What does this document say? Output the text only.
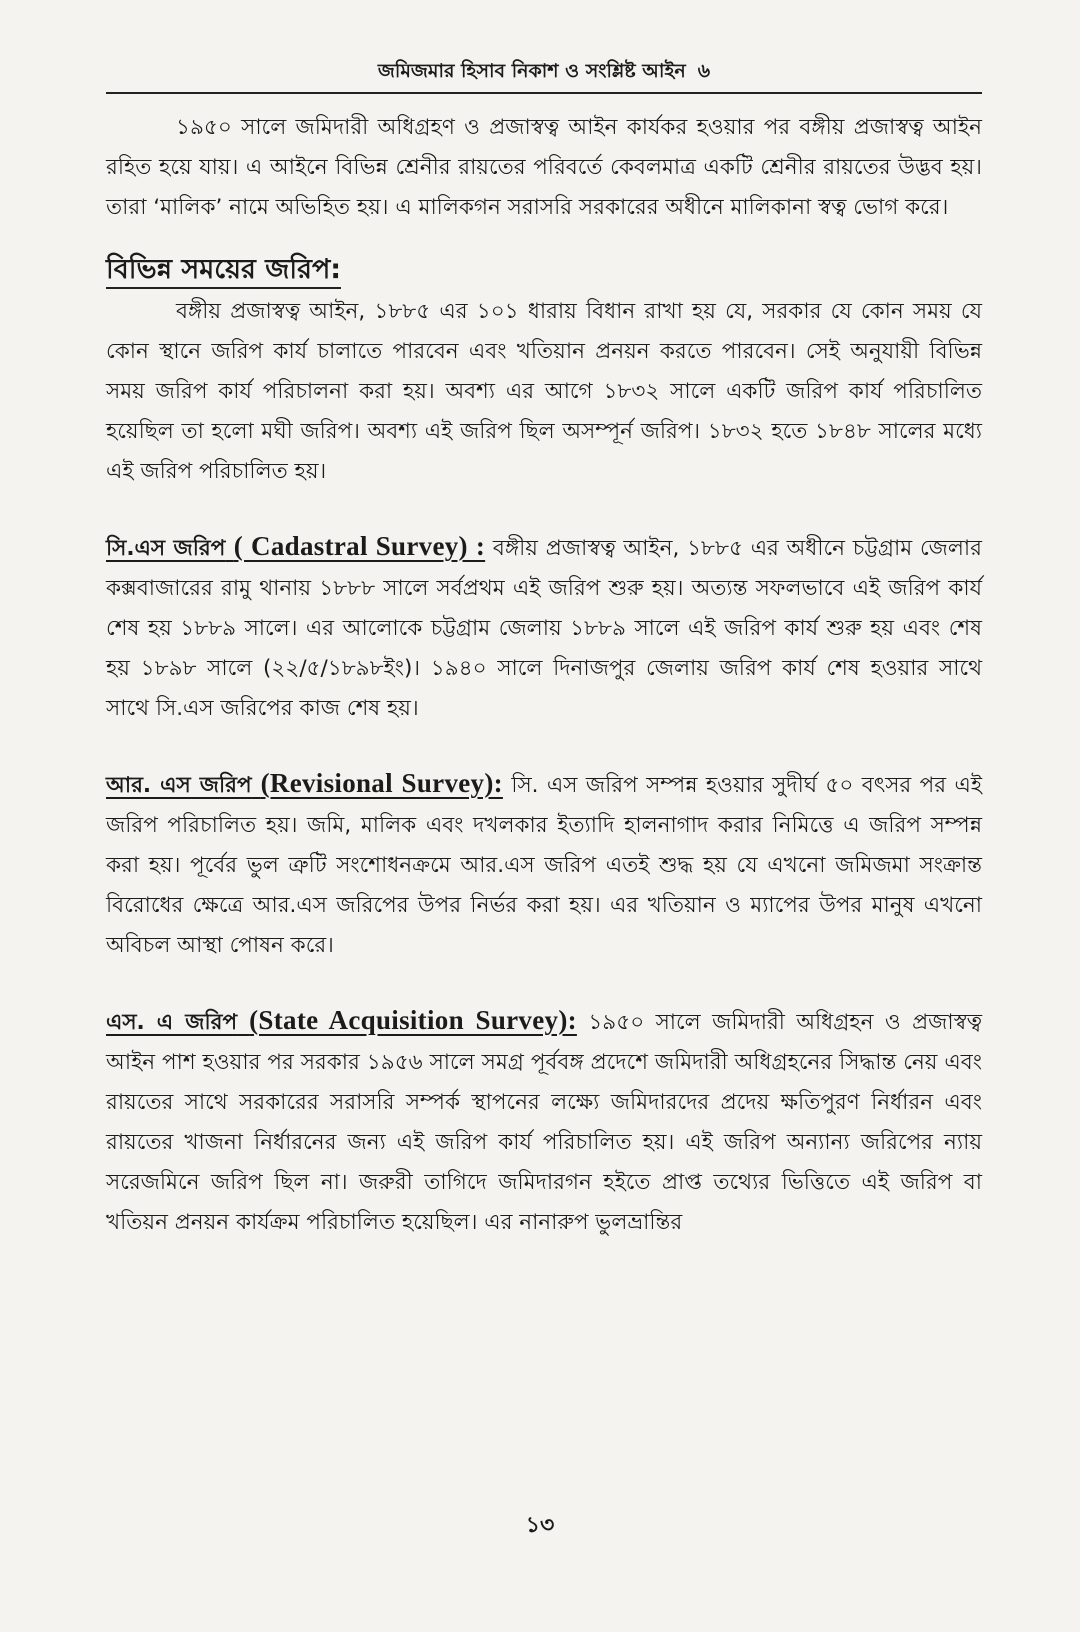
জমিজমার হিসাব নিকাশ ও সংশ্লিষ্ট আইন ৬

১৯৫০ সালে জমিদারী অধিগ্রহণ ও প্রজাস্বত্ব আইন কার্যকর হওয়ার পর বঙ্গীয় প্রজাস্বত্ব আইন রহিত হয়ে যায়। এ আইনে বিভিন্ন শ্রেনীর রায়তের পরিবর্তে কেবলমাত্র একটি শ্রেনীর রায়তের উদ্ভব হয়। তারা ‘মালিক’ নামে অভিহিত হয়। এ মালিকগন সরাসরি সরকারের অধীনে মালিকানা স্বত্ব ভোগ করে।

বিভিন্ন সময়ের জরিপ:

বঙ্গীয় প্রজাস্বত্ব আইন, ১৮৮৫ এর ১০১ ধারায় বিধান রাখা হয় যে, সরকার যে কোন সময় যে কোন স্থানে জরিপ কার্য চালাতে পারবেন এবং খতিয়ান প্রনয়ন করতে পারবেন। সেই অনুযায়ী বিভিন্ন সময় জরিপ কার্য পরিচালনা করা হয়। অবশ্য এর আগে ১৮৩২ সালে একটি জরিপ কার্য পরিচালিত হয়েছিল তা হলো মঘী জরিপ। অবশ্য এই জরিপ ছিল অসম্পূর্ন জরিপ। ১৮৩২ হতে ১৮৪৮ সালের মধ্যে এই জরিপ পরিচালিত হয়।

সি.এস জরিপ ( Cadastral Survey) : বঙ্গীয় প্রজাস্বত্ব আইন, ১৮৮৫ এর অধীনে চট্টগ্রাম জেলার কক্সবাজারের রামু থানায় ১৮৮৮ সালে সর্বপ্রথম এই জরিপ শুরু হয়। অত্যন্ত সফলভাবে এই জরিপ কার্য শেষ হয় ১৮৮৯ সালে। এর আলোকে চট্টগ্রাম জেলায় ১৮৮৯ সালে এই জরিপ কার্য শুরু হয় এবং শেষ হয় ১৮৯৮ সালে (২২/৫/১৮৯৮ইং)। ১৯৪০ সালে দিনাজপুর জেলায় জরিপ কার্য শেষ হওয়ার সাথে সাথে সি.এস জরিপের কাজ শেষ হয়।

আর. এস জরিপ (Revisional Survey): সি. এস জরিপ সম্পন্ন হওয়ার সুদীর্ঘ ৫০ বৎসর পর এই জরিপ পরিচালিত হয়। জমি, মালিক এবং দখলকার ইত্যাদি হালনাগাদ করার নিমিত্তে এ জরিপ সম্পন্ন করা হয়। পূর্বের ভুল ত্রুটি সংশোধনক্রমে আর.এস জরিপ এতই শুদ্ধ হয় যে এখনো জমিজমা সংক্রান্ত বিরোধের ক্ষেত্রে আর.এস জরিপের উপর নির্ভর করা হয়। এর খতিয়ান ও ম্যাপের উপর মানুষ এখনো অবিচল আস্থা পোষন করে।

এস. এ জরিপ (State Acquisition Survey): ১৯৫০ সালে জমিদারী অধিগ্রহন ও প্রজাস্বত্ব আইন পাশ হওয়ার পর সরকার ১৯৫৬ সালে সমগ্র পূর্ববঙ্গ প্রদেশে জমিদারী অধিগ্রহনের সিদ্ধান্ত নেয় এবং রায়তের সাথে সরকারের সরাসরি সম্পর্ক স্থাপনের লক্ষ্যে জমিদারদের প্রদেয় ক্ষতিপুরণ নির্ধারন এবং রায়তের খাজনা নির্ধারনের জন্য এই জরিপ কার্য পরিচালিত হয়। এই জরিপ অন্যান্য জরিপের ন্যায় সরেজমিনে জরিপ ছিল না। জরুরী তাগিদে জমিদারগন হইতে প্রাপ্ত তথ্যের ভিত্তিতে এই জরিপ বা খতিয়ন প্রনয়ন কার্যক্রম পরিচালিত হয়েছিল। এর নানারুপ ভুলভ্রান্তির

১৩
